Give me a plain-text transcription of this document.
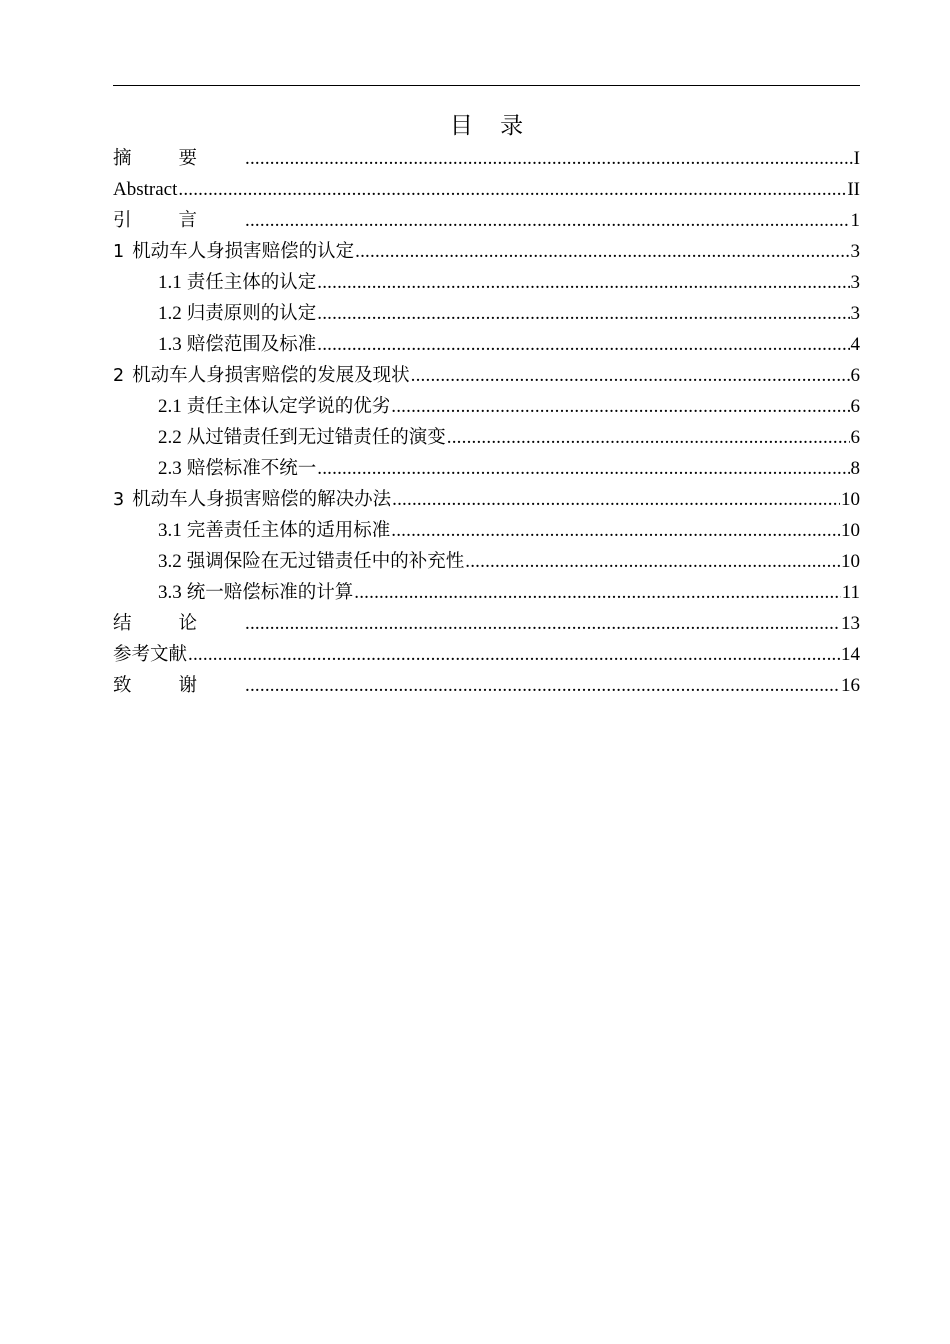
目 录
摘要 .....	I
Abstract .....	II
引言 .....	1
1 机动车人身损害赔偿的认定 .....	3
1.1 责任主体的认定 .....	3
1.2 归责原则的认定 .....	3
1.3 赔偿范围及标准 .....	4
2 机动车人身损害赔偿的发展及现状 .....	6
2.1 责任主体认定学说的优劣 .....	6
2.2 从过错责任到无过错责任的演变 .....	6
2.3 赔偿标准不统一 .....	8
3 机动车人身损害赔偿的解决办法 .....	10
3.1 完善责任主体的适用标准 .....	10
3.2 强调保险在无过错责任中的补充性 .....	10
3.3 统一赔偿标准的计算 .....	11
结论 .....	13
参考文献 .....	14
致谢 .....	16
